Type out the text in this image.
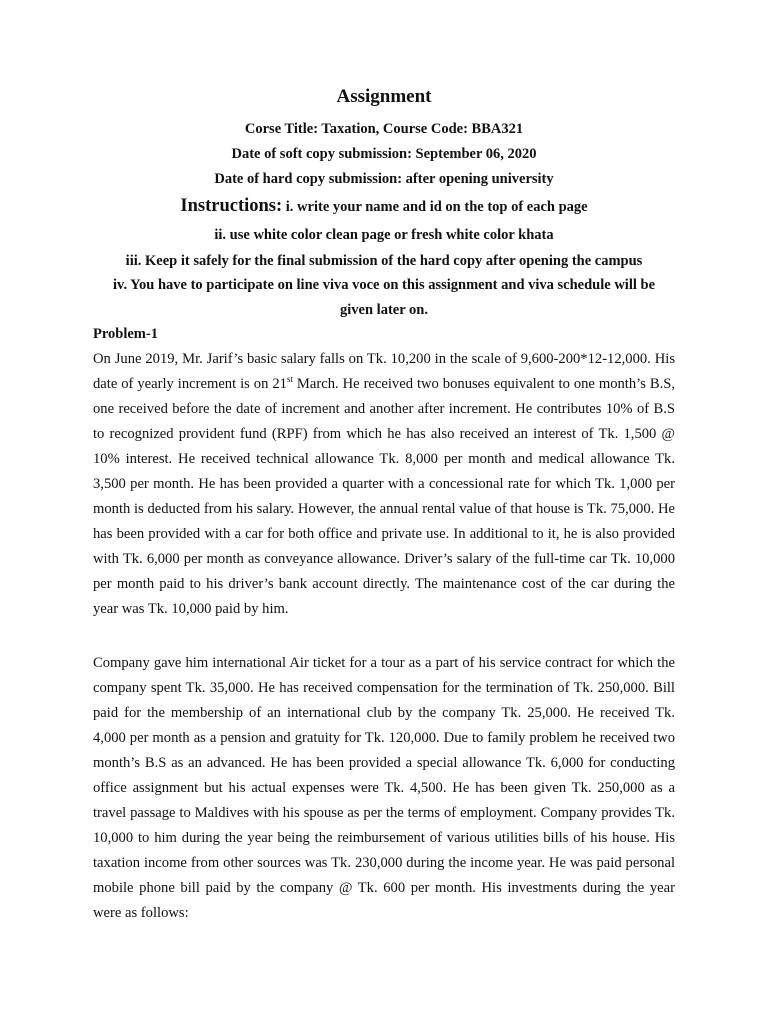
Assignment
Corse Title: Taxation, Course Code: BBA321
Date of soft copy submission: September 06, 2020
Date of hard copy submission: after opening university
Instructions: i. write your name and id on the top of each page
ii. use white color clean page or fresh white color khata
iii. Keep it safely for the final submission of the hard copy after opening the campus
iv. You have to participate on line viva voce on this assignment and viva schedule will be
given later on.
Problem-1

On June 2019, Mr. Jarif’s basic salary falls on Tk. 10,200 in the scale of 9,600-200*12-12,000. His date of yearly increment is on 21st March. He received two bonuses equivalent to one month’s B.S, one received before the date of increment and another after increment. He contributes 10% of B.S to recognized provident fund (RPF) from which he has also received an interest of Tk. 1,500 @ 10% interest. He received technical allowance Tk. 8,000 per month and medical allowance Tk. 3,500 per month. He has been provided a quarter with a concessional rate for which Tk. 1,000 per month is deducted from his salary. However, the annual rental value of that house is Tk. 75,000. He has been provided with a car for both office and private use. In additional to it, he is also provided with Tk. 6,000 per month as conveyance allowance. Driver’s salary of the full-time car Tk. 10,000 per month paid to his driver’s bank account directly. The maintenance cost of the car during the year was Tk. 10,000 paid by him.

Company gave him international Air ticket for a tour as a part of his service contract for which the company spent Tk. 35,000. He has received compensation for the termination of Tk. 250,000. Bill paid for the membership of an international club by the company Tk. 25,000. He received Tk. 4,000 per month as a pension and gratuity for Tk. 120,000. Due to family problem he received two month’s B.S as an advanced. He has been provided a special allowance Tk. 6,000 for conducting office assignment but his actual expenses were Tk. 4,500. He has been given Tk. 250,000 as a travel passage to Maldives with his spouse as per the terms of employment. Company provides Tk. 10,000 to him during the year being the reimbursement of various utilities bills of his house. His taxation income from other sources was Tk. 230,000 during the income year. He was paid personal mobile phone bill paid by the company @ Tk. 600 per month. His investments during the year were as follows:
